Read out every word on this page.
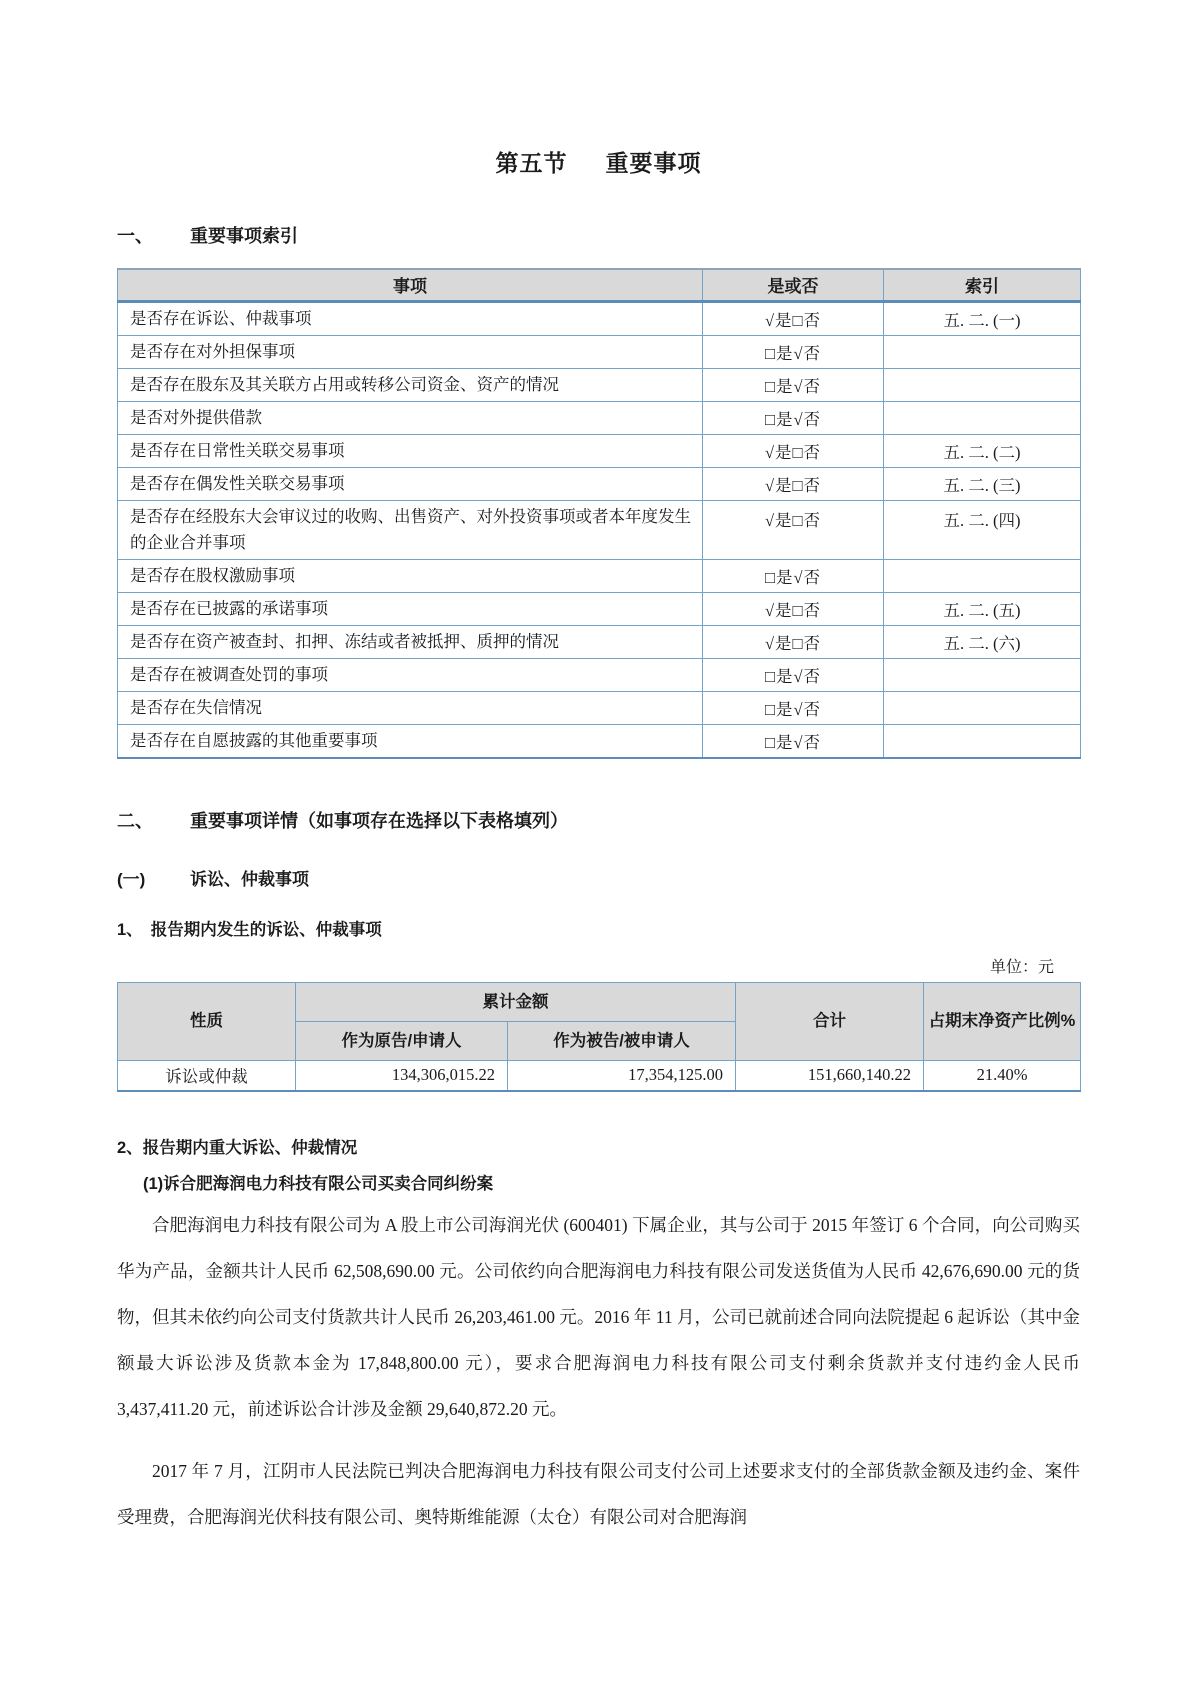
第五节 重要事项
一、 重要事项索引
事项	是或否	索引
是否存在诉讼、仲裁事项	√是□否	五. 二. (一)
是否存在对外担保事项	□是√否	
是否存在股东及其关联方占用或转移公司资金、资产的情况	□是√否	
是否对外提供借款	□是√否	
是否存在日常性关联交易事项	√是□否	五. 二. (二)
是否存在偶发性关联交易事项	√是□否	五. 二. (三)
是否存在经股东大会审议过的收购、出售资产、对外投资事项或者本年度发生的企业合并事项	√是□否	五. 二. (四)
是否存在股权激励事项	□是√否	
是否存在已披露的承诺事项	√是□否	五. 二. (五)
是否存在资产被查封、扣押、冻结或者被抵押、质押的情况	√是□否	五. 二. (六)
是否存在被调查处罚的事项	□是√否	
是否存在失信情况	□是√否	
是否存在自愿披露的其他重要事项	□是√否	
二、 重要事项详情（如事项存在选择以下表格填列）
(一)	诉讼、仲裁事项
1、 报告期内发生的诉讼、仲裁事项
单位：元
性质	累计金额		合计	占期末净资产比例%
	作为原告/申请人	作为被告/被申请人		
诉讼或仲裁	134,306,015.22	17,354,125.00	151,660,140.22	21.40%
2、报告期内重大诉讼、仲裁情况
(1)诉合肥海润电力科技有限公司买卖合同纠纷案

合肥海润电力科技有限公司为 A 股上市公司海润光伏 (600401) 下属企业，其与公司于 2015 年签订 6 个合同，向公司购买华为产品，金额共计人民币 62,508,690.00 元。公司依约向合肥海润电力科技有限公司发送货值为人民币 42,676,690.00 元的货物，但其未依约向公司支付货款共计人民币 26,203,461.00 元。2016 年 11 月，公司已就前述合同向法院提起 6 起诉讼（其中金额最大诉讼涉及货款本金为 17,848,800.00 元），要求合肥海润电力科技有限公司支付剩余货款并支付违约金人民币 3,437,411.20 元，前述诉讼合计涉及金额 29,640,872.20 元。

2017 年 7 月，江阴市人民法院已判决合肥海润电力科技有限公司支付公司上述要求支付的全部货款金额及违约金、案件受理费，合肥海润光伏科技有限公司、奥特斯维能源（太仓）有限公司对合肥海润
